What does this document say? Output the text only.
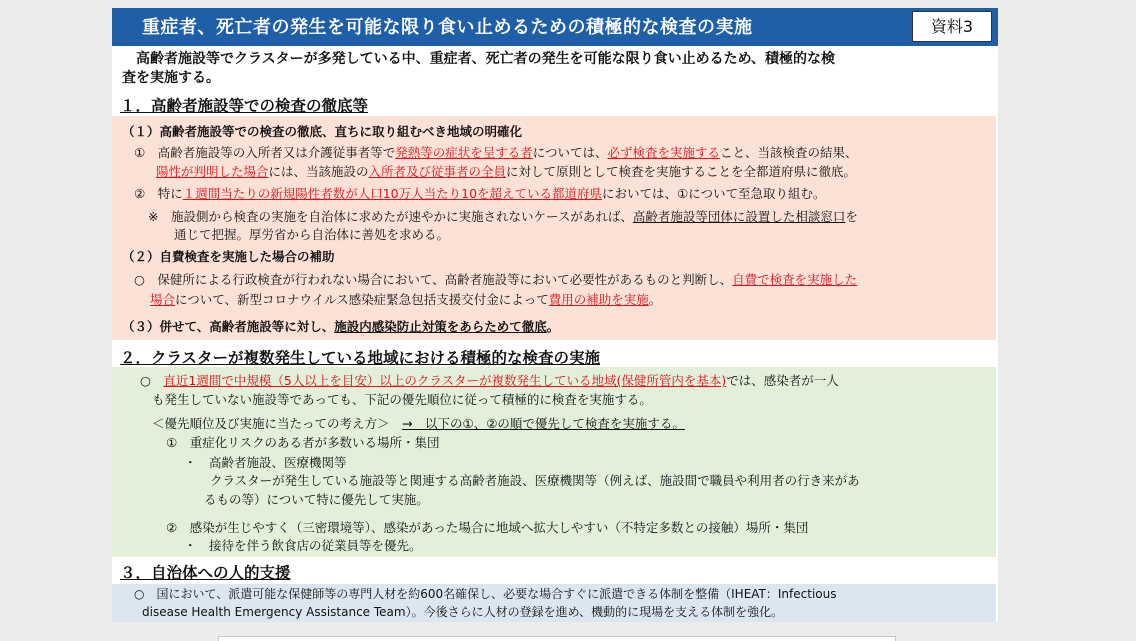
重症者、死亡者の発生を可能な限り食い止めるための積極的な検査の実施	資料3
　高齢者施設等でクラスターが多発している中、重症者、死亡者の発生を可能な限り食い止めるため、積極的な検
査を実施する。
１．高齢者施設等での検査の徹底等
（１）高齢者施設等での検査の徹底、直ちに取り組むべき地域の明確化
①　高齢者施設等の入所者又は介護従事者等で発熱等の症状を呈する者については、必ず検査を実施すること、当該検査の結果、
陽性が判明した場合には、当該施設の入所者及び従事者の全員に対して原則として検査を実施することを全都道府県に徹底。
②　特に１週間当たりの新規陽性者数が人口10万人当たり10を超えている都道府県においては、①について至急取り組む。
※　施設側から検査の実施を自治体に求めたが速やかに実施されないケースがあれば、高齢者施設等団体に設置した相談窓口を
通じて把握。厚労省から自治体に善処を求める。
（２）自費検査を実施した場合の補助
○　保健所による行政検査が行われない場合において、高齢者施設等において必要性があるものと判断し、自費で検査を実施した
場合について、新型コロナウイルス感染症緊急包括支援交付金によって費用の補助を実施。
（３）併せて、高齢者施設等に対し、施設内感染防止対策をあらためて徹底。
２．クラスターが複数発生している地域における積極的な検査の実施
○　直近1週間で中規模（5人以上を目安）以上のクラスターが複数発生している地域(保健所管内を基本)では、感染者が一人
も発生していない施設等であっても、下記の優先順位に従って積極的に検査を実施する。
＜優先順位及び実施に当たっての考え方＞　→　以下の①、②の順で優先して検査を実施する。
①　重症化リスクのある者が多数いる場所・集団
・　高齢者施設、医療機関等
クラスターが発生している施設等と関連する高齢者施設、医療機関等（例えば、施設間で職員や利用者の行き来があ
るもの等）について特に優先して実施。
②　感染が生じやすく（三密環境等）、感染があった場合に地域へ拡大しやすい（不特定多数との接触）場所・集団
・　接待を伴う飲食店の従業員等を優先。
３．自治体への人的支援
○　国において、派遣可能な保健師等の専門人材を約600名確保し、必要な場合すぐに派遣できる体制を整備（IHEAT：Infectious
disease Health Emergency Assistance Team）。今後さらに人材の登録を進め、機動的に現場を支える体制を強化。
